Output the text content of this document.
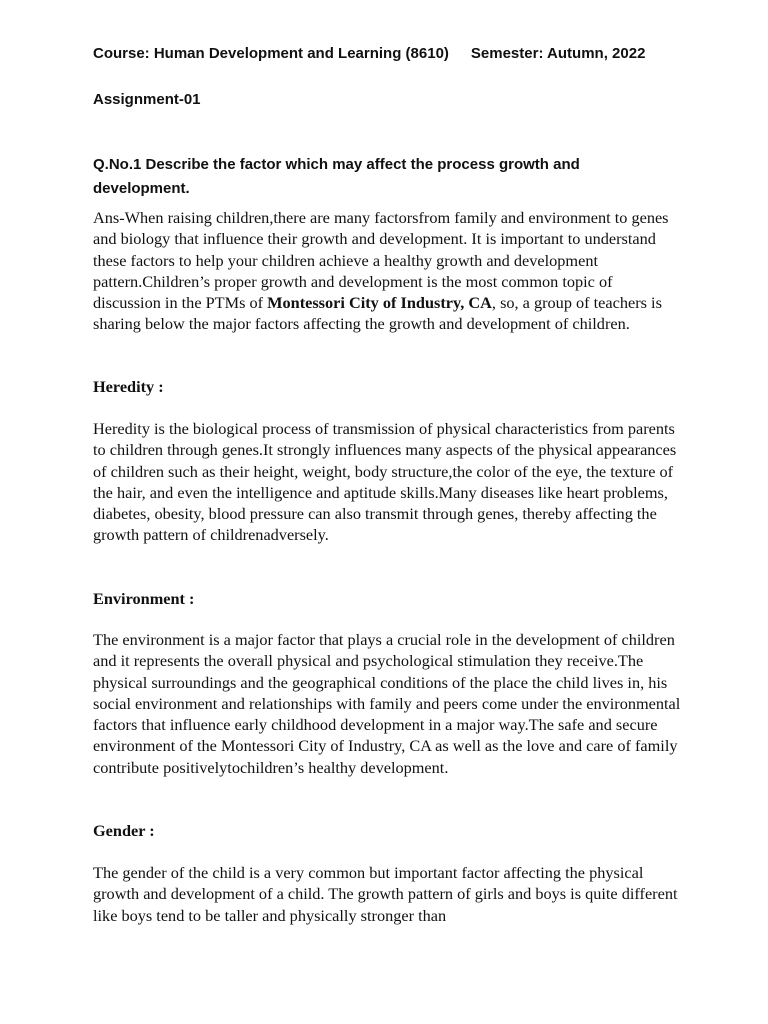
Course: Human Development and Learning (8610) Semester: Autumn, 2022
Assignment-01
Q.No.1 Describe the factor which may affect the process growth and development.
Ans-When raising children,there are many factorsfrom family and environment to genes and biology that influence their growth and development. It is important to understand these factors to help your children achieve a healthy growth and development pattern.Children’s proper growth and development is the most common topic of discussion in the PTMs of Montessori City of Industry, CA, so, a group of teachers is sharing below the major factors affecting the growth and development of children.
Heredity :
Heredity is the biological process of transmission of physical characteristics from parents to children through genes.It strongly influences many aspects of the physical appearances of children such as their height, weight, body structure,the color of the eye, the texture of the hair, and even the intelligence and aptitude skills.Many diseases like heart problems, diabetes, obesity, blood pressure can also transmit through genes, thereby affecting the growth pattern of childrenadversely.
Environment :
The environment is a major factor that plays a crucial role in the development of children and it represents the overall physical and psychological stimulation they receive.The physical surroundings and the geographical conditions of the place the child lives in, his social environment and relationships with family and peers come under the environmental factors that influence early childhood development in a major way.The safe and secure environment of the Montessori City of Industry, CA as well as the love and care of family contribute positivelytochildren’s healthy development.
Gender :
The gender of the child is a very common but important factor affecting the physical growth and development of a child. The growth pattern of girls and boys is quite different like boys tend to be taller and physically stronger than
